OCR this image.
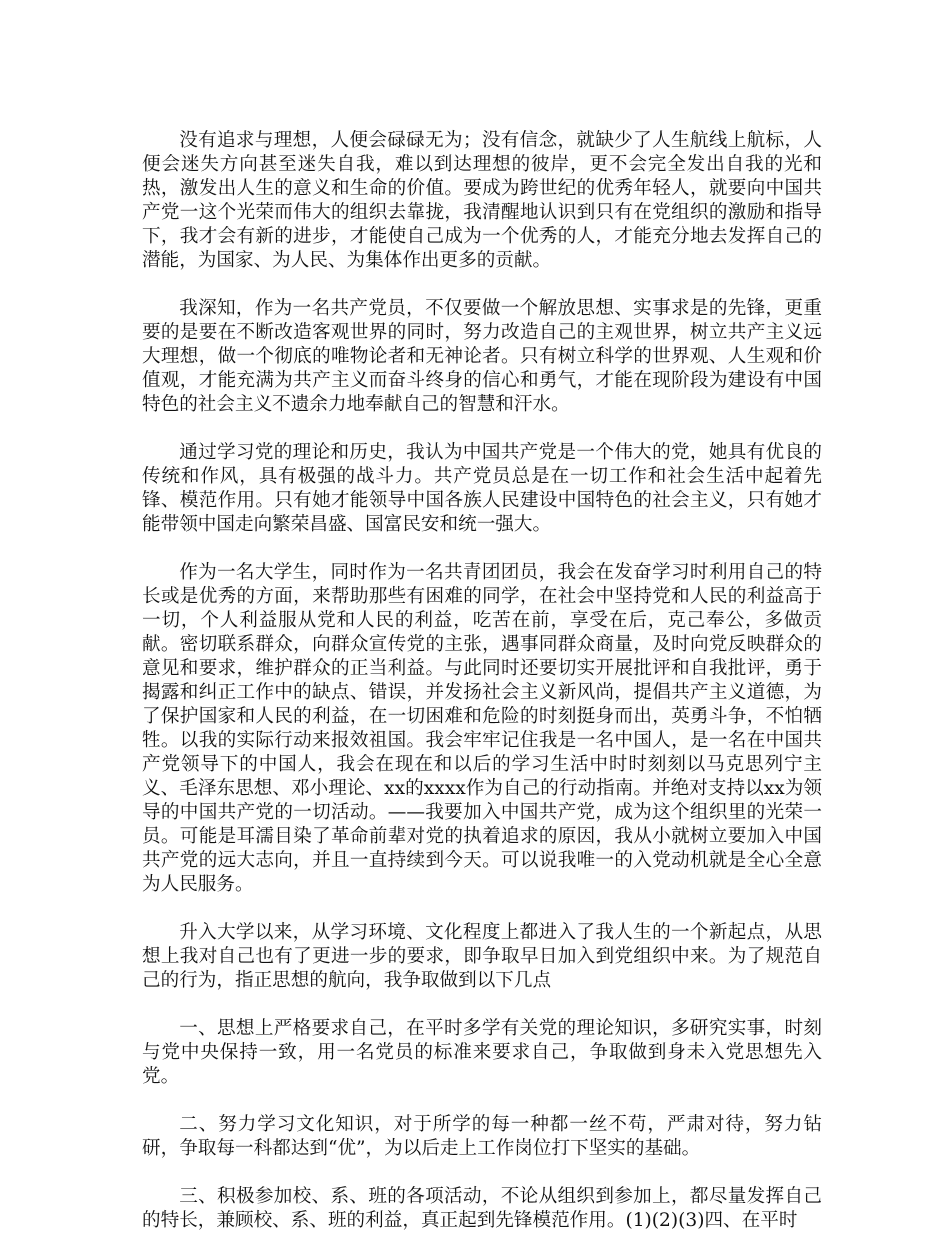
没有追求与理想，人便会碌碌无为；没有信念，就缺少了人生航线上航标，人便会迷失方向甚至迷失自我，难以到达理想的彼岸，更不会完全发出自我的光和热，激发出人生的意义和生命的价值。要成为跨世纪的优秀年轻人，就要向中国共产党一这个光荣而伟大的组织去靠拢，我清醒地认识到只有在党组织的激励和指导下，我才会有新的进步，才能使自己成为一个优秀的人，才能充分地去发挥自己的潜能，为国家、为人民、为集体作出更多的贡献。

我深知，作为一名共产党员，不仅要做一个解放思想、实事求是的先锋，更重要的是要在不断改造客观世界的同时，努力改造自己的主观世界，树立共产主义远大理想，做一个彻底的唯物论者和无神论者。只有树立科学的世界观、人生观和价值观，才能充满为共产主义而奋斗终身的信心和勇气，才能在现阶段为建设有中国特色的社会主义不遗余力地奉献自己的智慧和汗水。

通过学习党的理论和历史，我认为中国共产党是一个伟大的党，她具有优良的传统和作风，具有极强的战斗力。共产党员总是在一切工作和社会生活中起着先锋、模范作用。只有她才能领导中国各族人民建设中国特色的社会主义，只有她才能带领中国走向繁荣昌盛、国富民安和统一强大。

作为一名大学生，同时作为一名共青团团员，我会在发奋学习时利用自己的特长或是优秀的方面，来帮助那些有困难的同学，在社会中坚持党和人民的利益高于一切，个人利益服从党和人民的利益，吃苦在前，享受在后，克己奉公，多做贡献。密切联系群众，向群众宣传党的主张，遇事同群众商量，及时向党反映群众的意见和要求，维护群众的正当利益。与此同时还要切实开展批评和自我批评，勇于揭露和纠正工作中的缺点、错误，并发扬社会主义新风尚，提倡共产主义道德，为了保护国家和人民的利益，在一切困难和危险的时刻挺身而出，英勇斗争，不怕牺牲。以我的实际行动来报效祖国。我会牢牢记住我是一名中国人，是一名在中国共产党领导下的中国人，我会在现在和以后的学习生活中时时刻刻以马克思列宁主义、毛泽东思想、邓小理论、xx的xxxx作为自己的行动指南。并绝对支持以xx为领导的中国共产党的一切活动。——我要加入中国共产党，成为这个组织里的光荣一员。可能是耳濡目染了革命前辈对党的执着追求的原因，我从小就树立要加入中国共产党的远大志向，并且一直持续到今天。可以说我唯一的入党动机就是全心全意为人民服务。

升入大学以来，从学习环境、文化程度上都进入了我人生的一个新起点，从思想上我对自己也有了更进一步的要求，即争取早日加入到党组织中来。为了规范自己的行为，指正思想的航向，我争取做到以下几点

一、思想上严格要求自己，在平时多学有关党的理论知识，多研究实事，时刻与党中央保持一致，用一名党员的标准来要求自己，争取做到身未入党思想先入党。

二、努力学习文化知识，对于所学的每一种都一丝不苟，严肃对待，努力钻研，争取每一科都达到“优”，为以后走上工作岗位打下坚实的基础。

三、积极参加校、系、班的各项活动，不论从组织到参加上，都尽量发挥自己的特长，兼顾校、系、班的利益，真正起到先锋模范作用。(1)(2)(3)四、在平时
